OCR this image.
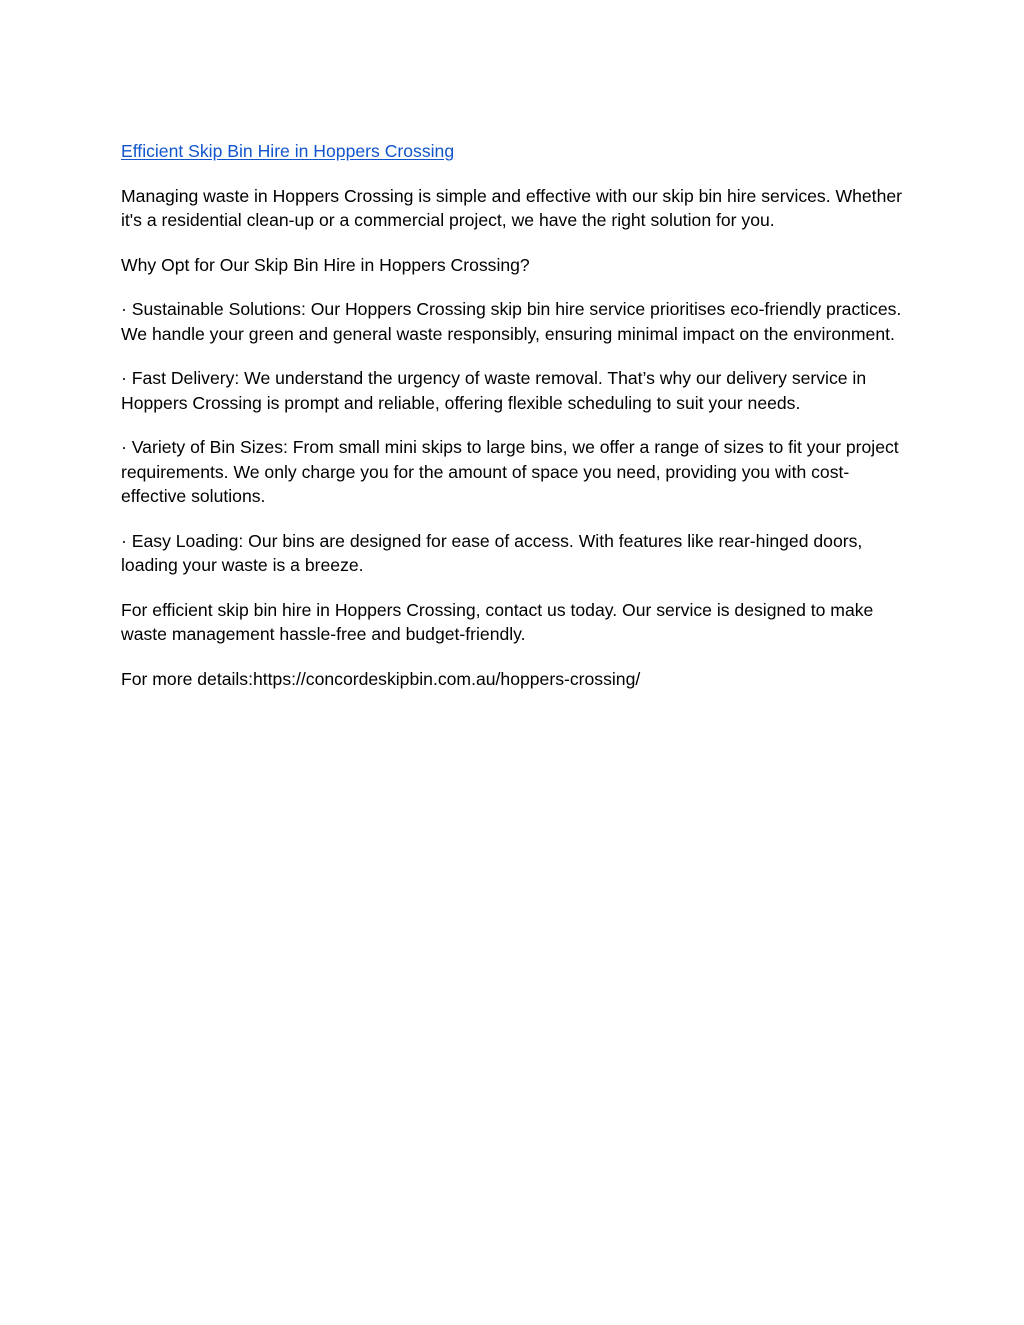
Efficient Skip Bin Hire in Hoppers Crossing

Managing waste in Hoppers Crossing is simple and effective with our skip bin hire services. Whether it's a residential clean-up or a commercial project, we have the right solution for you.

Why Opt for Our Skip Bin Hire in Hoppers Crossing?

· Sustainable Solutions: Our Hoppers Crossing skip bin hire service prioritises eco-friendly practices. We handle your green and general waste responsibly, ensuring minimal impact on the environment.

· Fast Delivery: We understand the urgency of waste removal. That’s why our delivery service in Hoppers Crossing is prompt and reliable, offering flexible scheduling to suit your needs.

· Variety of Bin Sizes: From small mini skips to large bins, we offer a range of sizes to fit your project requirements. We only charge you for the amount of space you need, providing you with cost-effective solutions.

· Easy Loading: Our bins are designed for ease of access. With features like rear-hinged doors, loading your waste is a breeze.

For efficient skip bin hire in Hoppers Crossing, contact us today. Our service is designed to make waste management hassle-free and budget-friendly.

For more details:https://concordeskipbin.com.au/hoppers-crossing/
